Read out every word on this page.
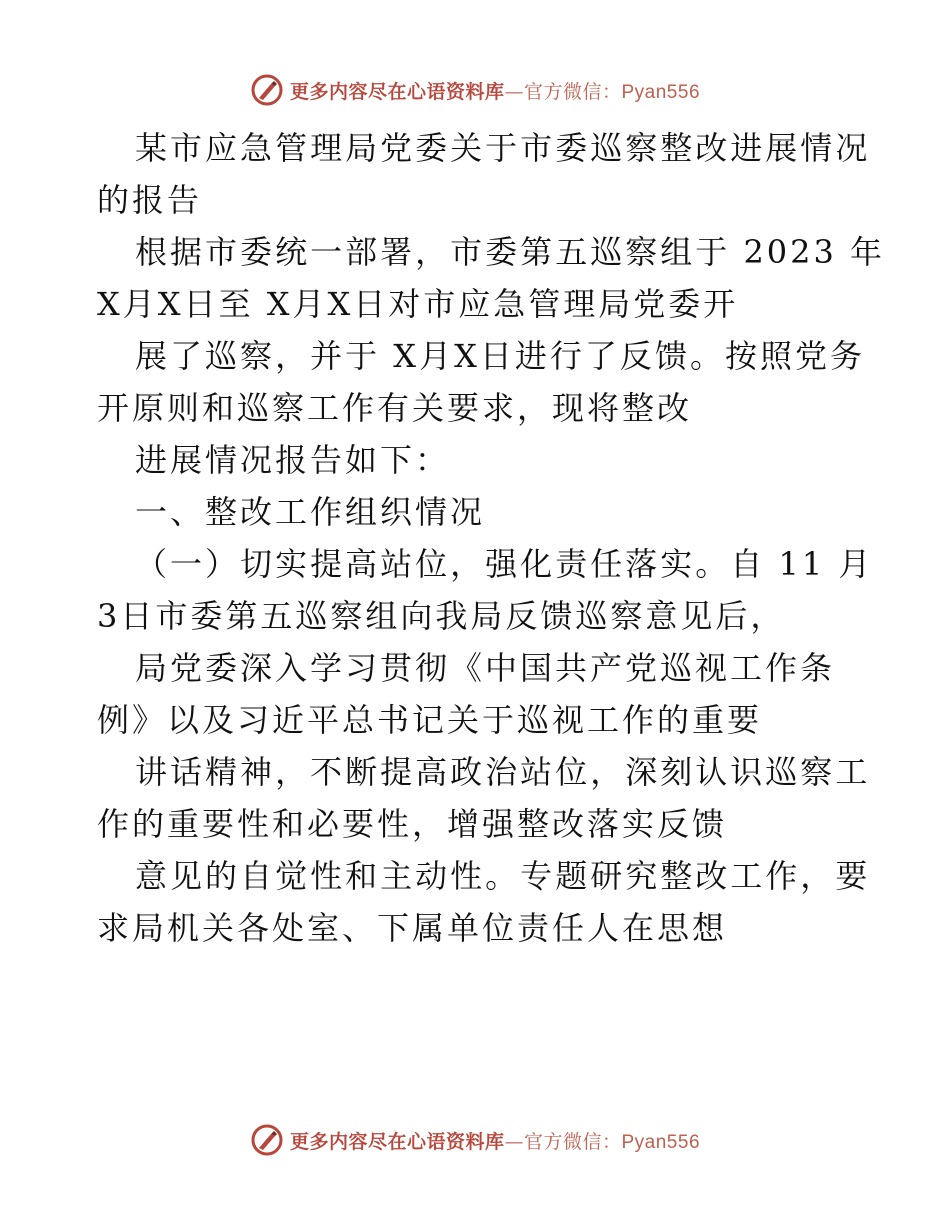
更多内容尽在心语资料库—官方微信：Pyan556
某 市 应 急 管 理 局 党 委 关 于 市 委 巡 察 整 改 进 展 情 况
的报告
根 据 市 委 统 一 部 署 ， 市 委 第 五 巡 察 组 于
2 0 2 3
年
X月X日至 X月X日对市应急管理局党委开
展 了 巡 察 ， 并 于
X 月 X 日 进 行 了 反 馈 。 按 照 党 务
开原则和巡察工作有关要求，现将整改
进展情况报告如下：
一、整改工作组织情况
（ 一 ） 切 实 提 高 站 位 ， 强 化 责 任 落 实 。 自
1 1
月
3日市委第五巡察组向我局反馈巡察意见后，
局党委深入学习贯彻《中国共产党巡视工作条
例》以及习近平总书记关于巡视工作的重要
讲 话 精 神 ， 不 断 提 高 政 治 站 位 ， 深 刻 认 识 巡 察 工
作的重要性和必要性，增强整改落实反馈
意 见 的 自 觉 性 和 主 动 性 。 专 题 研 究 整 改 工 作 ， 要
求局机关各处室、下属单位责任人在思想
更多内容尽在心语资料库—官方微信：Pyan556
